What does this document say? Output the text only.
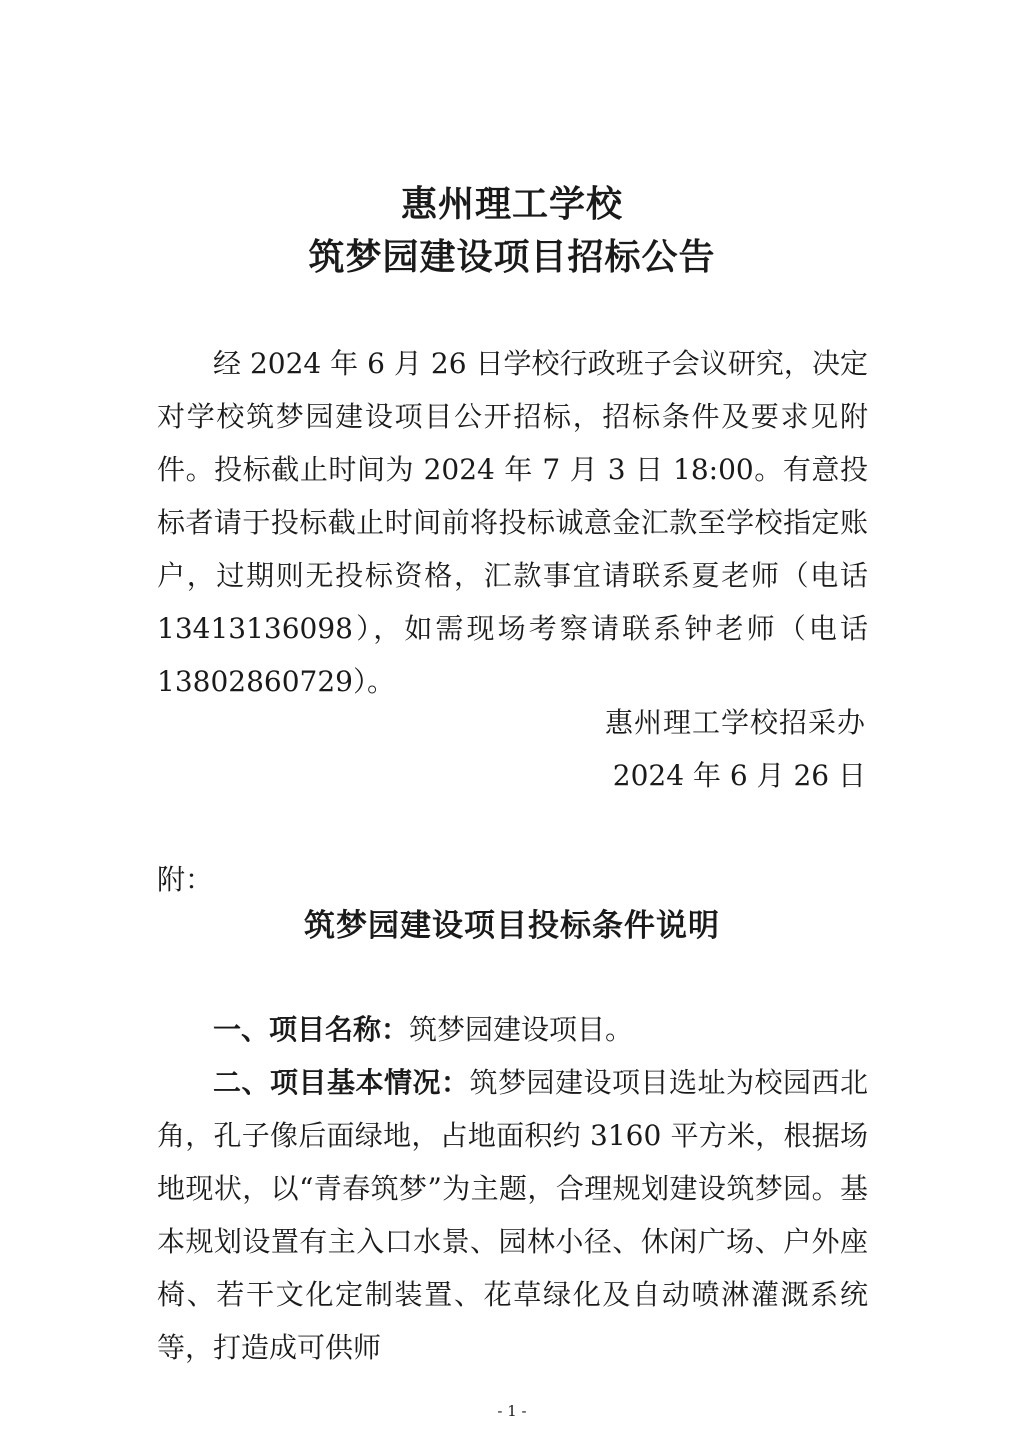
惠州理工学校
筑梦园建设项目招标公告

经 2024 年 6 月 26 日学校行政班子会议研究，决定对学校筑梦园建设项目公开招标，招标条件及要求见附件。投标截止时间为 2024 年 7 月 3 日 18:00。有意投标者请于投标截止时间前将投标诚意金汇款至学校指定账户，过期则无投标资格，汇款事宜请联系夏老师（电话 13413136098），如需现场考察请联系钟老师（电话 13802860729）。

惠州理工学校招采办
2024 年 6 月 26 日
附：
筑梦园建设项目投标条件说明

一、项目名称：筑梦园建设项目。

二、项目基本情况：筑梦园建设项目选址为校园西北角，孔子像后面绿地，占地面积约 3160 平方米，根据场地现状，以“青春筑梦”为主题，合理规划建设筑梦园。基本规划设置有主入口水景、园林小径、休闲广场、户外座椅、若干文化定制装置、花草绿化及自动喷淋灌溉系统等，打造成可供师

- 1 -
